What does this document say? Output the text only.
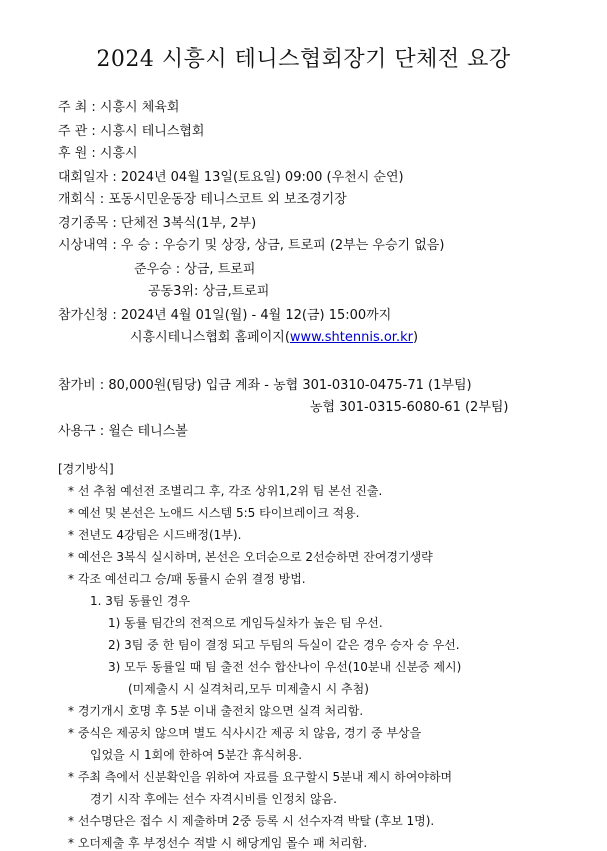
2024 시흥시 테니스협회장기 단체전 요강
주 최 : 시흥시 체육회
주 관 : 시흥시 테니스협회
후 원 : 시흥시
대회일자 : 2024년 04월 13일(토요일) 09:00 (우천시 순연)
개회식 : 포동시민운동장 테니스코트 외 보조경기장
경기종목 : 단체전 3복식(1부, 2부)
시상내역 : 우 승 : 우승기 및 상장, 상금, 트로피 (2부는 우승기 없음)
준우승 : 상금, 트로피
공동3위: 상금,트로피
참가신청 : 2024년 4월 01일(월) - 4월 12(금) 15:00까지
시흥시테니스협회 홈페이지(www.shtennis.or.kr)
참가비 : 80,000원(팀당) 입금 계좌 - 농협 301-0310-0475-71 (1부팀)
농협 301-0315-6080-61 (2부팀)
사용구 : 윌슨 테니스볼
[경기방식]
* 선 추첨 예선전 조별리그 후, 각조 상위1,2위 팀 본선 진출.
* 예선 및 본선은 노애드 시스템 5:5 타이브레이크 적용.
* 전년도 4강팀은 시드배정(1부).
* 예선은 3복식 실시하며, 본선은 오더순으로 2선승하면 잔여경기생략
* 각조 예선리그 승/패 동률시 순위 결정 방법.
1. 3팀 동률인 경우
1) 동률 팀간의 전적으로 게임득실차가 높은 팀 우선.
2) 3팀 중 한 팀이 결정 되고 두팀의 득실이 같은 경우 승자 승 우선.
3) 모두 동률일 때 팀 출전 선수 합산나이 우선(10분내 신분증 제시)
(미제출시 시 실격처리,모두 미제출시 시 추첨)
* 경기개시 호명 후 5분 이내 출전치 않으면 실격 처리함.
* 중식은 제공치 않으며 별도 식사시간 제공 치 않음, 경기 중 부상을
입었을 시 1회에 한하여 5분간 휴식허용.
* 주최 측에서 신분확인을 위하여 자료를 요구할시 5분내 제시 하여야하며
경기 시작 후에는 선수 자격시비를 인정치 않음.
* 선수명단은 접수 시 제출하며 2중 등록 시 선수자격 박탈 (후보 1명).
* 오더제출 후 부정선수 적발 시 해당게임 몰수 패 처리함.
